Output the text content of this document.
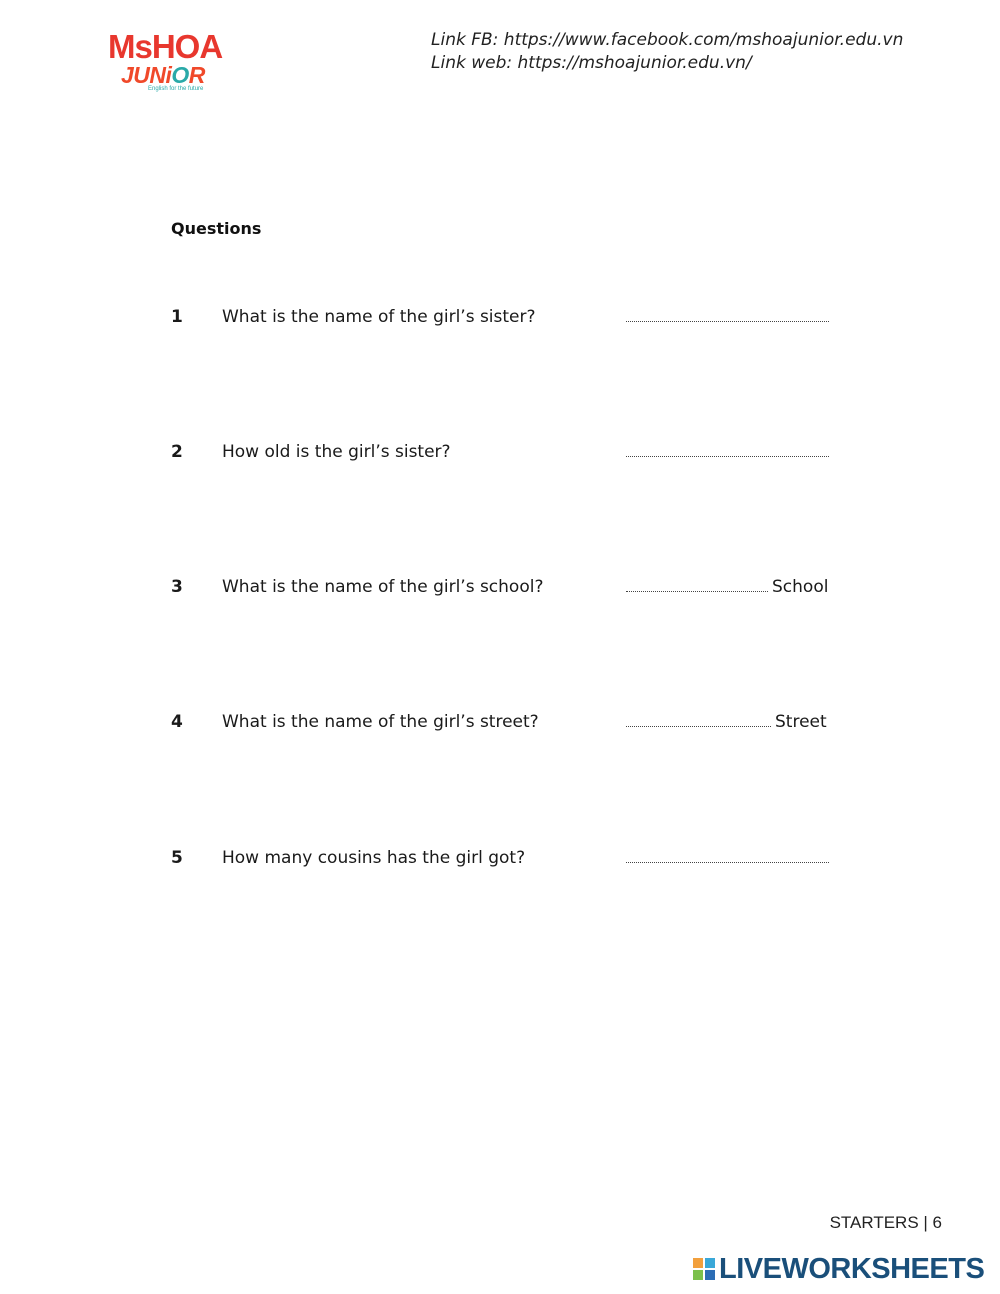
MsHOA
JUNiOR
English for the future
Link FB: https://www.facebook.com/mshoajunior.edu.vn
Link web: https://mshoajunior.edu.vn/
Questions
1 What is the name of the girl’s sister?
2 How old is the girl’s sister?
3 What is the name of the girl’s school?	School
4 What is the name of the girl’s street?	Street
5 How many cousins has the girl got?
STARTERS | 6
LIVEWORKSHEETS
